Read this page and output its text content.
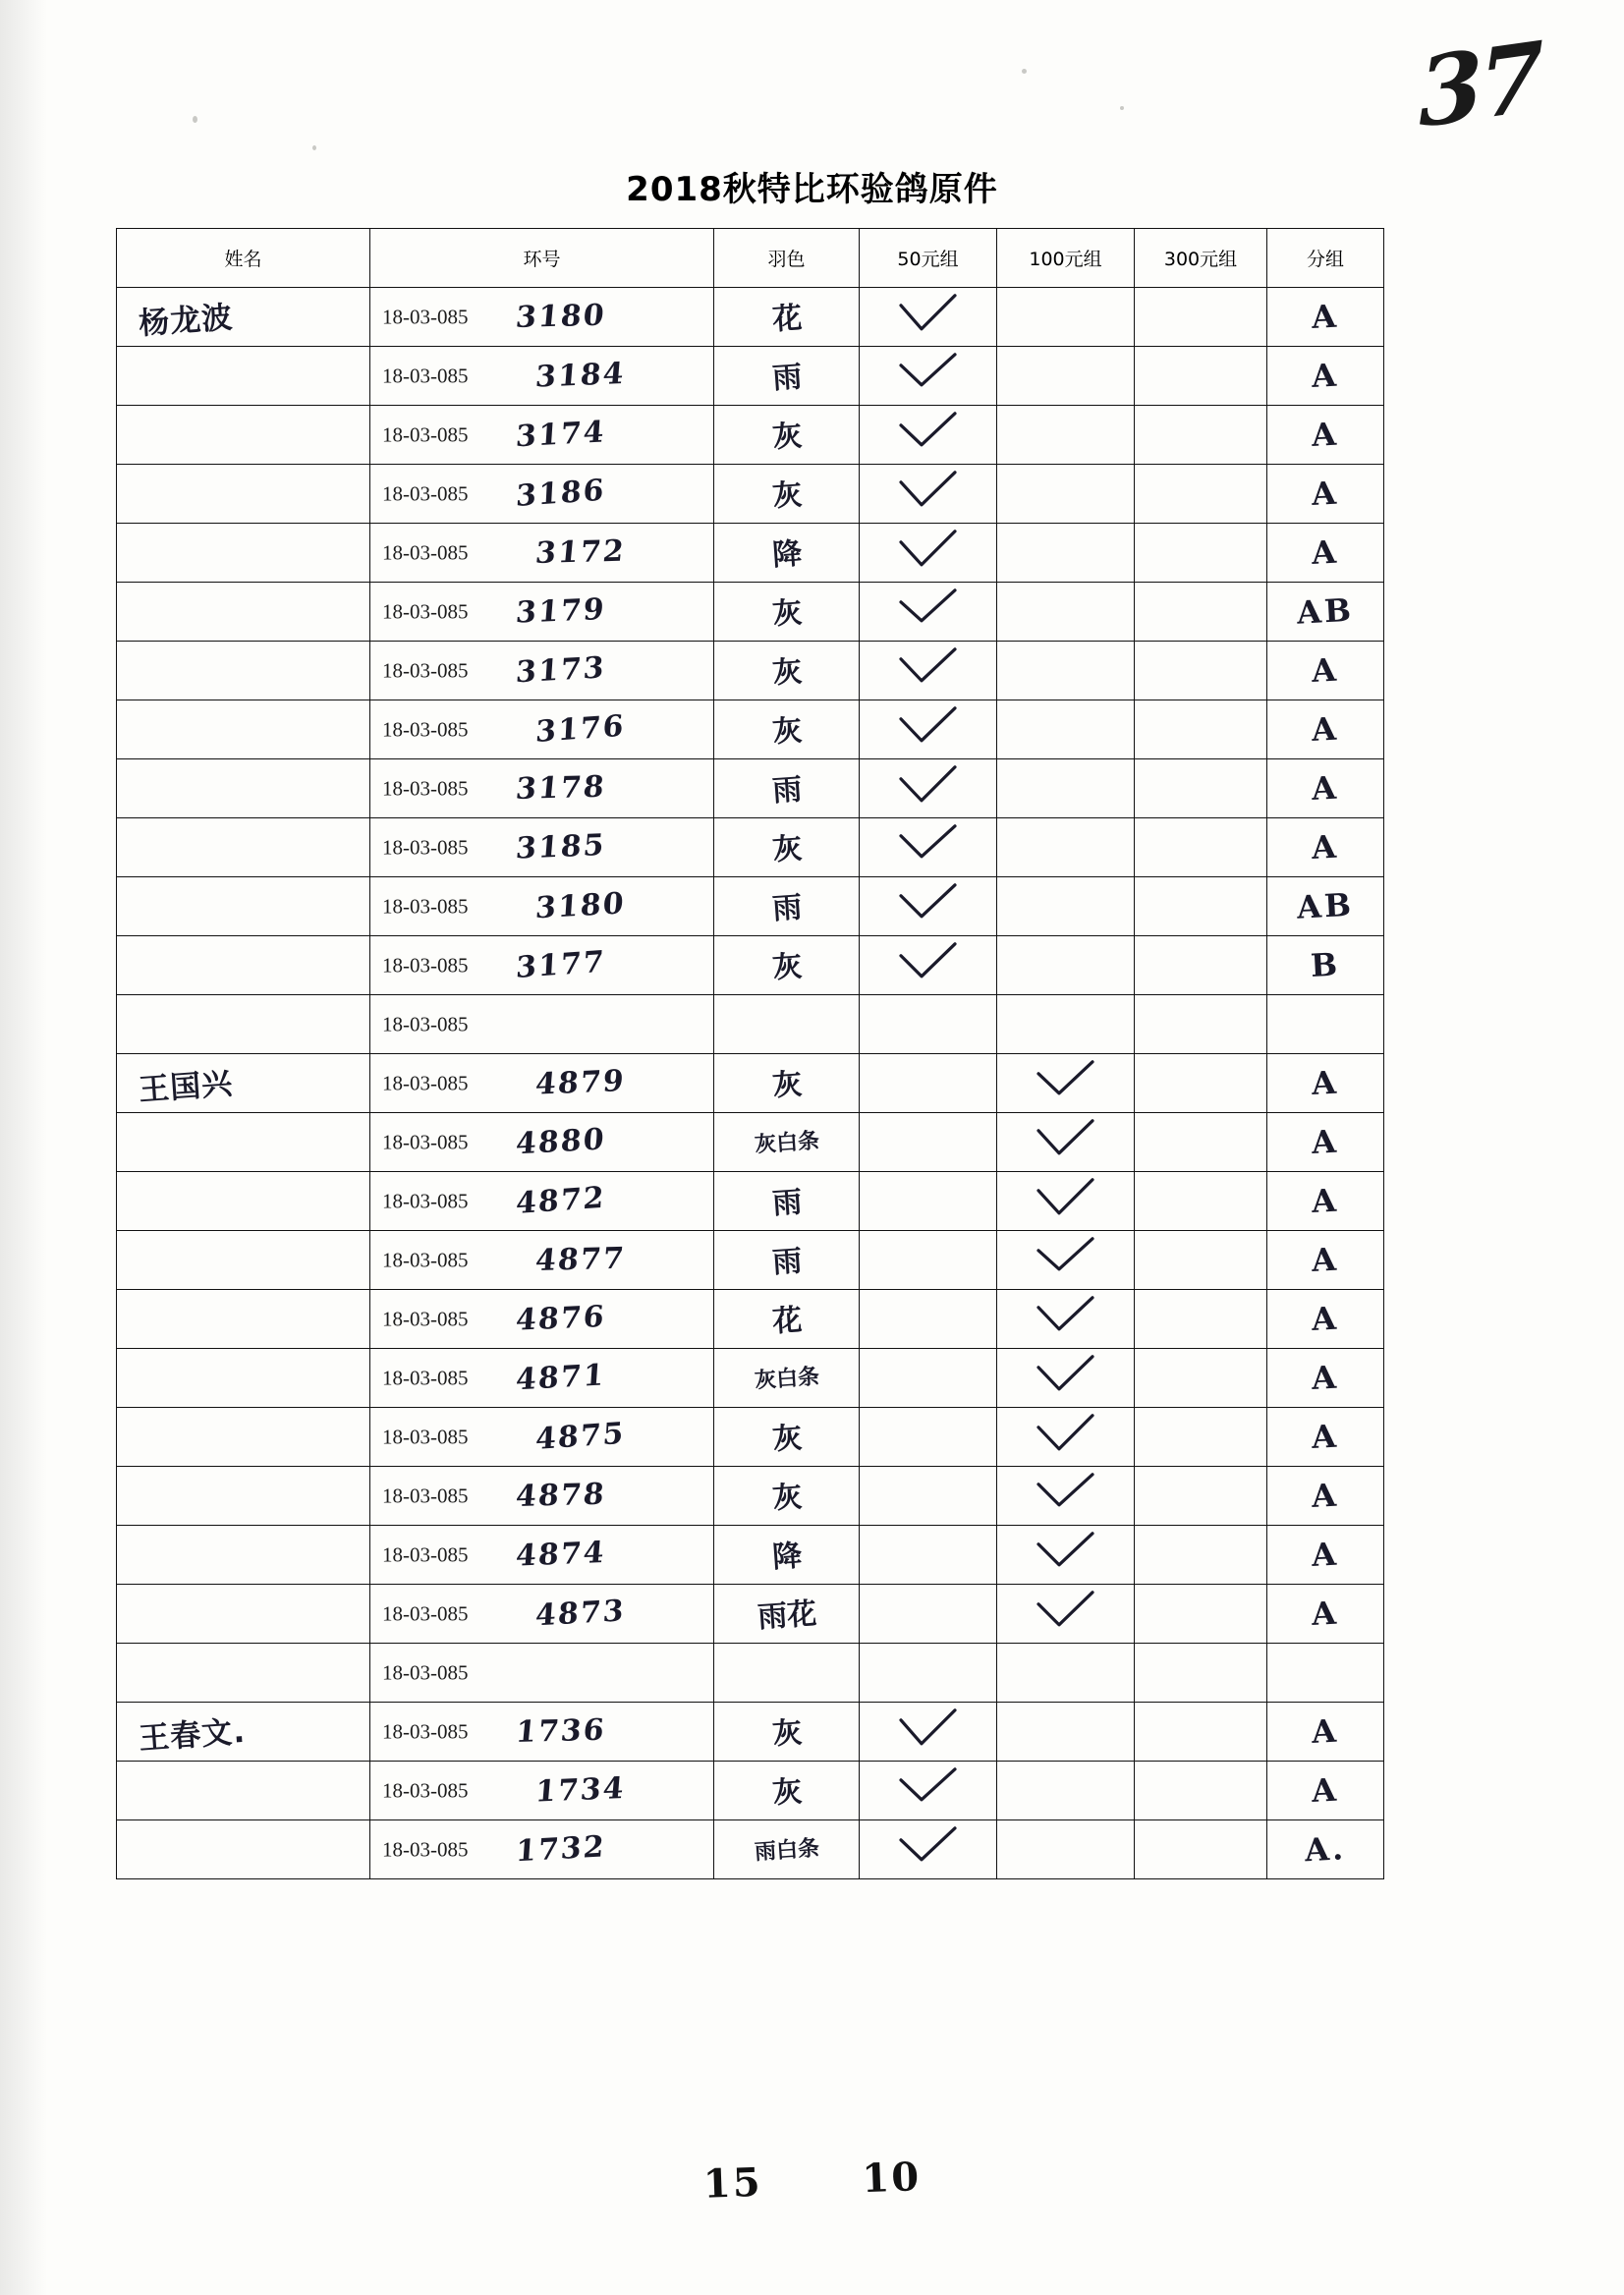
37
2018秋特比环验鸽原件
姓名	环号	羽色	50元组	100元组	300元组	分组

杨龙波	18-03-085 3180	花				A

	18-03-085 3184	雨				A

	18-03-085 3174	灰				A

	18-03-085 3186	灰				A

	18-03-085 3172	降				A

	18-03-085 3179	灰				AB

	18-03-085 3173	灰				A

	18-03-085 3176	灰				A

	18-03-085 3178	雨				A

	18-03-085 3185	灰				A

	18-03-085 3180	雨				AB

	18-03-085 3177	灰				B

	18-03-085					

王国兴	18-03-085 4879	灰				A

	18-03-085 4880	灰白条				A

	18-03-085 4872	雨				A

	18-03-085 4877	雨				A

	18-03-085 4876	花				A

	18-03-085 4871	灰白条				A

	18-03-085 4875	灰				A

	18-03-085 4878	灰				A

	18-03-085 4874	降				A

	18-03-085 4873	雨花				A

	18-03-085					

王春文.	18-03-085 1736	灰				A

	18-03-085 1734	灰				A

	18-03-085 1732	雨白条				A.
15	10
